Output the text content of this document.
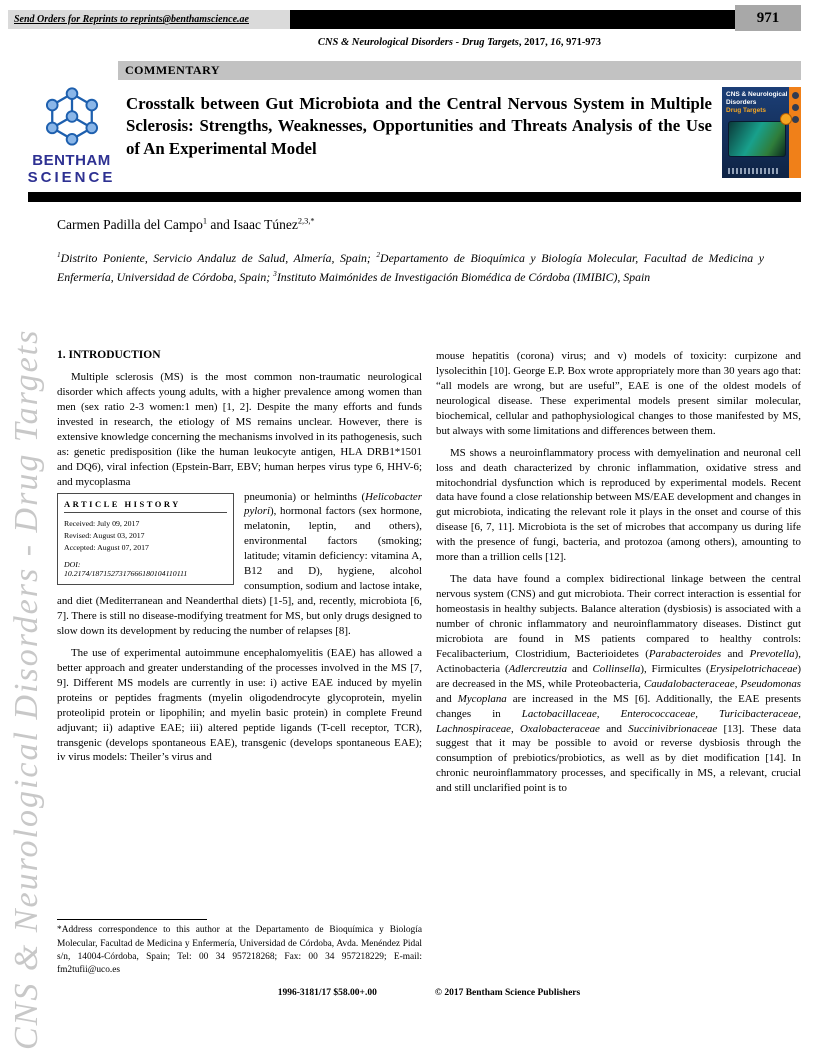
CNS & Neurological Disorders - Drug Targets
Send Orders for Reprints to reprints@benthamscience.ae	971
CNS & Neurological Disorders - Drug Targets, 2017, 16, 971-973
COMMENTARY
BENTHAM
SCIENCE
Crosstalk between Gut Microbiota and the Central Nervous System in Multiple Sclerosis: Strengths, Weaknesses, Opportunities and Threats Analysis of the Use of An Experimental Model
CNS & Neurological
Disorders
Drug Targets
Carmen Padilla del Campo$^1$ and Isaac Túnez$^{2,3,*}$
$^1$Distrito Poniente, Servicio Andaluz de Salud, Almería, Spain; $^2$Departamento de Bioquímica y Biología Molecular, Facultad de Medicina y Enfermería, Universidad de Córdoba, Spain; $^3$Instituto Maimónides de Investigación Biomédica de Córdoba (IMIBIC), Spain
1. INTRODUCTION

Multiple sclerosis (MS) is the most common non-traumatic neurological disorder which affects young adults, with a higher prevalence among women than men (sex ratio 2-3 women:1 men) [1, 2]. Despite the many efforts and funds invested in research, the etiology of MS remains unclear. However, there is extensive knowledge concerning the mechanisms involved in its pathogenesis, such as: genetic predisposition (like the human leukocyte antigen, HLA DRB1*1501 and DQ6), viral infection (Epstein-Barr, EBV; human herpes virus type 6, HHV-6; and mycoplasma

ARTICLE HISTORY
Received: July 09, 2017
Revised: August 03, 2017
Accepted: August 07, 2017
DOI:
10.2174/1871527317666180104110111

pneumonia) or helminths (Helicobacter pylori), hormonal factors (sex hormone, melatonin, leptin, and others), environmental factors (smoking; latitude; vitamin deficiency: vitamina A, B12 and D), hygiene, alcohol consumption, sodium and lactose intake, and diet (Mediterranean and Neanderthal diets) [1-5], and, recently, microbiota [6, 7]. There is still no disease-modifying treatment for MS, but only drugs designed to slow down its development by reducing the number of relapses [8].

The use of experimental autoimmune encephalomyelitis (EAE) has allowed a better approach and greater understanding of the processes involved in the MS [7, 9]. Different MS models are currently in use: i) active EAE induced by myelin proteins or peptides fragments (myelin oligodendrocyte glycoprotein, myelin proteolipid protein or lipophilin; and myelin basic protein) in complete Freund adjuvant; ii) adaptive EAE; iii) altered peptide ligands (T-cell receptor, TCR), transgenic (develops spontaneous EAE), transgenic (develops spontaneous EAE); iv virus models: Theiler’s virus and

*Address correspondence to this author at the Departamento de Bioquímica y Biología Molecular, Facultad de Medicina y Enfermería, Universidad de Córdoba, Avda. Menéndez Pidal s/n, 14004-Córdoba, Spain; Tel: 00 34 957218268; Fax: 00 34 957218229; E-mail: fm2tufii@uco.es

mouse hepatitis (corona) virus; and v) models of toxicity: curpizone and lysolecithin [10]. George E.P. Box wrote appropriately more than 30 years ago that: “all models are wrong, but are useful”, EAE is one of the oldest models of neurological disease. These experimental models present similar molecular, biochemical, cellular and pathophysiological changes to those manifested by MS, but always with some limitations and differences between them.

MS shows a neuroinflammatory process with demyelination and neuronal cell loss and death characterized by chronic inflammation, oxidative stress and mitochondrial dysfunction which is reproduced by experimental models. Recent data have found a close relationship between MS/EAE development and changes in gut microbiota, indicating the relevant role it plays in the onset and course of this disease [6, 7, 11]. Microbiota is the set of microbes that accompany us during life with the presence of fungi, bacteria, and protozoa (among others), amounting to more than a trillion cells [12].

The data have found a complex bidirectional linkage between the central nervous system (CNS) and gut microbiota. Their correct interaction is essential for homeostasis in healthy subjects. Balance alteration (dysbiosis) is associated with a number of chronic inflammatory and neuroinflammatory diseases. Distinct gut microbiota are found in MS patients compared to healthy controls: Fecalibacterium, Clostridium, Bacterioidetes (Parabacteroides and Prevotella), Actinobacteria (Adlercreutzia and Collinsella), Firmicultes (Erysipelotrichaceae) are decreased in the MS, while Proteobacteria, Caudalobacteraceae, Pseudomonas and Mycoplana are increased in the MS [6]. Additionally, the EAE presents changes in Lactobacillaceae, Enterococcaceae, Turicibacteraceae, Lachnospiraceae, Oxalobacteraceae and Succinivibrionaceae [13]. These data suggest that it may be possible to avoid or reverse dysbiosis through the consumption of prebiotics/probiotics, as well as by diet modification [14]. In chronic neuroinflammatory processes, and specifically in MS, a relevant, crucial and still unclarified point is to

1996-3181/17 $58.00+.00	© 2017 Bentham Science Publishers
